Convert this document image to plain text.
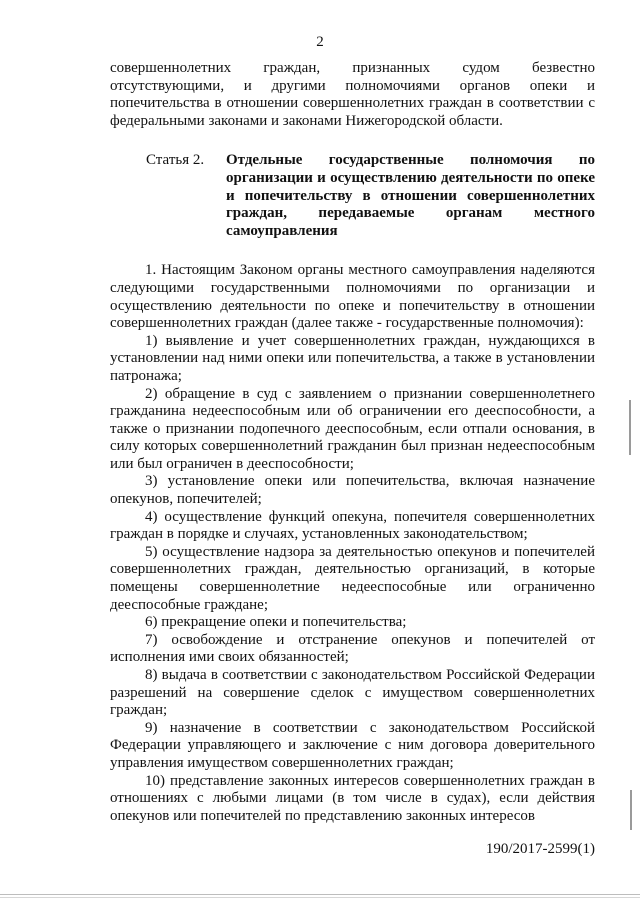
2

совершеннолетних граждан, признанных судом безвестно отсутствующими, и другими полномочиями органов опеки и попечительства в отношении совершеннолетних граждан в соответствии с федеральными законами и законами Нижегородской области.

Статья 2.	Отдельные государственные полномочия по организации и осуществлению деятельности по опеке и попечительству в отношении совершеннолетних граждан, передаваемые органам местного самоуправления

1. Настоящим Законом органы местного самоуправления наделяются следующими государственными полномочиями по организации и осуществлению деятельности по опеке и попечительству в отношении совершеннолетних граждан (далее также - государственные полномочия):

1) выявление и учет совершеннолетних граждан, нуждающихся в установлении над ними опеки или попечительства, а также в установлении патронажа;

2) обращение в суд с заявлением о признании совершеннолетнего гражданина недееспособным или об ограничении его дееспособности, а также о признании подопечного дееспособным, если отпали основания, в силу которых совершеннолетний гражданин был признан недееспособным или был ограничен в дееспособности;

3) установление опеки или попечительства, включая назначение опекунов, попечителей;

4) осуществление функций опекуна, попечителя совершеннолетних граждан в порядке и случаях, установленных законодательством;

5) осуществление надзора за деятельностью опекунов и попечителей совершеннолетних граждан, деятельностью организаций, в которые помещены совершеннолетние недееспособные или ограниченно дееспособные граждане;

6) прекращение опеки и попечительства;

7) освобождение и отстранение опекунов и попечителей от исполнения ими своих обязанностей;

8) выдача в соответствии с законодательством Российской Федерации разрешений на совершение сделок с имуществом совершеннолетних граждан;

9) назначение в соответствии с законодательством Российской Федерации управляющего и заключение с ним договора доверительного управления имуществом совершеннолетних граждан;

10) представление законных интересов совершеннолетних граждан в отношениях с любыми лицами (в том числе в судах), если действия опекунов или попечителей по представлению законных интересов

190/2017-2599(1)
